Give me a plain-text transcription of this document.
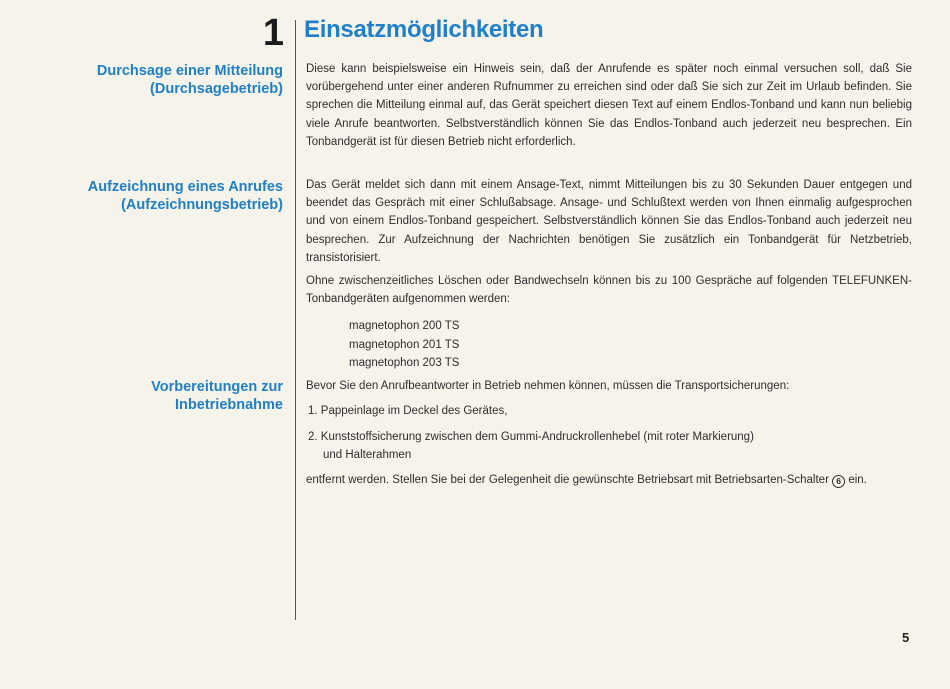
1 Einsatzmöglichkeiten
Durchsage einer Mitteilung
(Durchsagebetrieb)

Diese kann beispielsweise ein Hinweis sein, daß der Anrufende es später noch einmal versuchen soll, daß Sie vorübergehend unter einer anderen Rufnummer zu erreichen sind oder daß Sie sich zur Zeit im Urlaub befinden. Sie sprechen die Mitteilung einmal auf, das Gerät speichert diesen Text auf einem Endlos-Tonband und kann nun beliebig viele Anrufe beantworten. Selbstverständlich können Sie das Endlos-Tonband auch jederzeit neu besprechen. Ein Tonbandgerät ist für diesen Betrieb nicht erforderlich.

Aufzeichnung eines Anrufes
(Aufzeichnungsbetrieb)

Das Gerät meldet sich dann mit einem Ansage-Text, nimmt Mitteilungen bis zu 30 Sekunden Dauer entgegen und beendet das Gespräch mit einer Schlußabsage. Ansage- und Schlußtext werden von Ihnen einmalig aufgesprochen und von einem Endlos-Tonband gespeichert. Selbstverständlich können Sie das Endlos-Tonband auch jederzeit neu besprechen. Zur Aufzeichnung der Nachrichten benötigen Sie zusätzlich ein Tonbandgerät für Netzbetrieb, transistorisiert.

Ohne zwischenzeitliches Löschen oder Bandwechseln können bis zu 100 Gespräche auf folgenden TELEFUNKEN-Tonbandgeräten aufgenommen werden:

magnetophon 200 TS
magnetophon 201 TS
magnetophon 203 TS
Vorbereitungen zur
Inbetriebnahme

Bevor Sie den Anrufbeantworter in Betrieb nehmen können, müssen die Transportsicherungen:

1. Pappeinlage im Deckel des Gerätes,
2. Kunststoffsicherung zwischen dem Gummi-Andruckrollenhebel (mit roter Markierung)
und Halterahmen

entfernt werden. Stellen Sie bei der Gelegenheit die gewünschte Betriebsart mit Betriebsarten-Schalter 6 ein.

5
